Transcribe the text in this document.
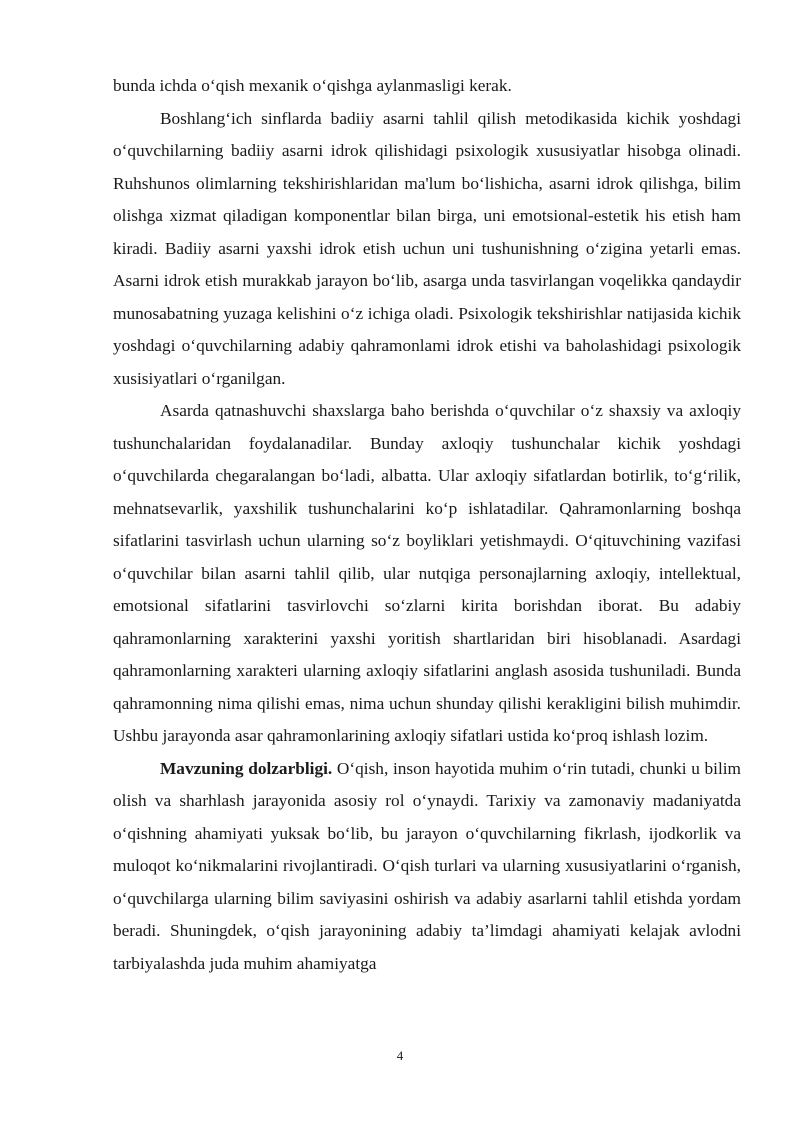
bunda ichda o‘qish mexanik o‘qishga aylanmasligi kerak.

Boshlang‘ich sinflarda badiiy asarni tahlil qilish metodikasida kichik yoshdagi o‘quvchilarning badiiy asarni idrok qilishidagi psixologik xususiyatlar hisobga olinadi. Ruhshunos olimlarning tekshirishlaridan ma'lum bo‘lishicha, asarni idrok qilishga, bilim olishga xizmat qiladigan komponentlar bilan birga, uni emotsional-estetik his etish ham kiradi. Badiiy asarni yaxshi idrok etish uchun uni tushunishning o‘zigina yetarli emas. Asarni idrok etish murakkab jarayon bo‘lib, asarga unda tasvirlangan voqelikka qandaydir munosabatning yuzaga kelishini o‘z ichiga oladi. Psixologik tekshirishlar natijasida kichik yoshdagi o‘quvchilarning adabiy qahramonlami idrok etishi va baholashidagi psixologik xusisiyatlari o‘rganilgan.

Asarda qatnashuvchi shaxslarga baho berishda o‘quvchilar o‘z shaxsiy va axloqiy tushunchalaridan foydalanadilar. Bunday axloqiy tushunchalar kichik yoshdagi o‘quvchilarda chegaralangan bo‘ladi, albatta. Ular axloqiy sifatlardan botirlik, to‘g‘rilik, mehnatsevarlik, yaxshilik tushunchalarini ko‘p ishlatadilar. Qahramonlarning boshqa sifatlarini tasvirlash uchun ularning so‘z boyliklari yetishmaydi. O‘qituvchining vazifasi o‘quvchilar bilan asarni tahlil qilib, ular nutqiga personajlarning axloqiy, intellektual, emotsional sifatlarini tasvirlovchi so‘zlarni kirita borishdan iborat. Bu adabiy qahramonlarning xarakterini yaxshi yoritish shartlaridan biri hisoblanadi. Asardagi qahramonlarning xarakteri ularning axloqiy sifatlarini anglash asosida tushuniladi. Bunda qahramonning nima qilishi emas, nima uchun shunday qilishi kerakligini bilish muhimdir. Ushbu jarayonda asar qahramonlarining axloqiy sifatlari ustida ko‘proq ishlash lozim.

Mavzuning dolzarbligi. O‘qish, inson hayotida muhim o‘rin tutadi, chunki u bilim olish va sharhlash jarayonida asosiy rol o‘ynaydi. Tarixiy va zamonaviy madaniyatda o‘qishning ahamiyati yuksak bo‘lib, bu jarayon o‘quvchilarning fikrlash, ijodkorlik va muloqot ko‘nikmalarini rivojlantiradi. O‘qish turlari va ularning xususiyatlarini o‘rganish, o‘quvchilarga ularning bilim saviyasini oshirish va adabiy asarlarni tahlil etishda yordam beradi. Shuningdek, o‘qish jarayonining adabiy ta’limdagi ahamiyati kelajak avlodni tarbiyalashda juda muhim ahamiyatga

4
